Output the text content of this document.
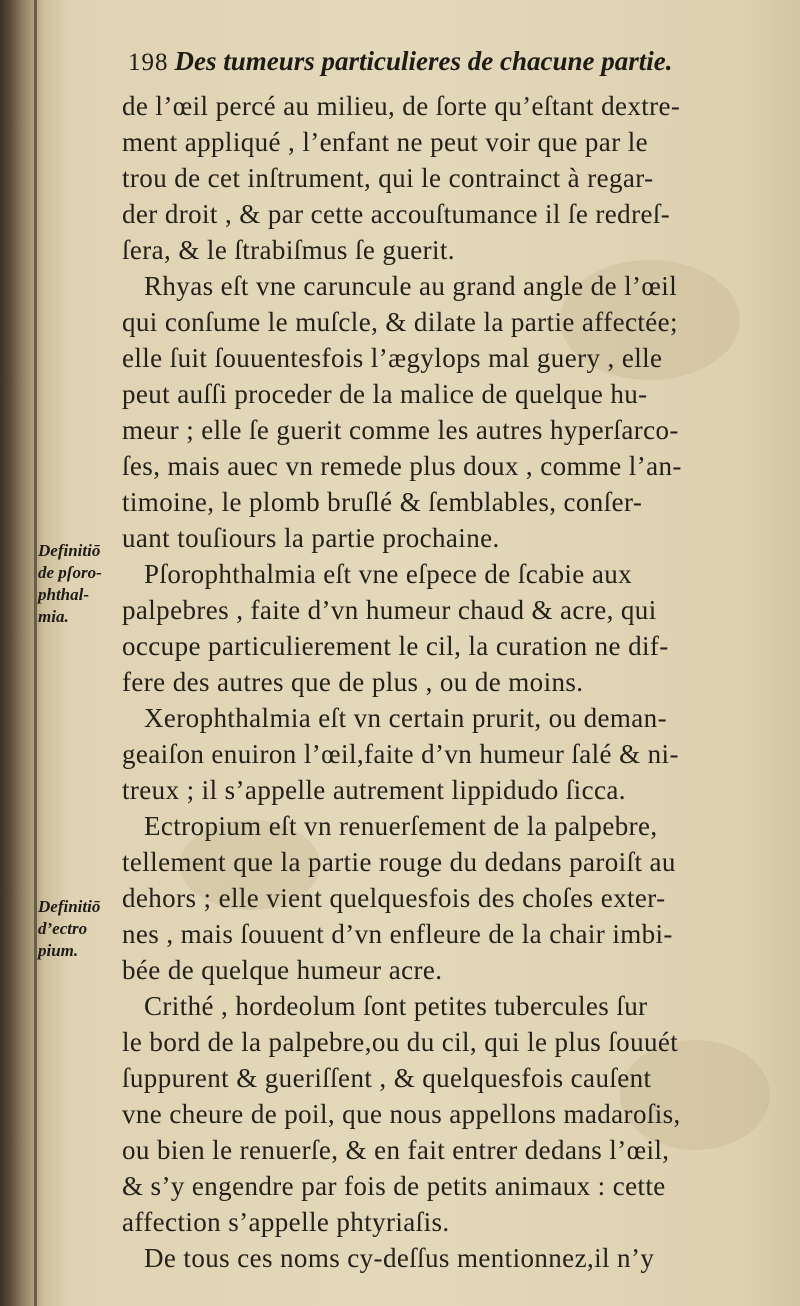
198 Des tumeurs particulieres de chacune partie.
de l’œil percé au milieu, de ſorte qu’eſtant dextre-
ment appliqué , l’enfant ne peut voir que par le
trou de cet inſtrument, qui le contrainct à regar-
der droit , & par cette accouſtumance il ſe redreſ-
ſera, & le ſtrabiſmus ſe guerit.
Rhyas eſt vne caruncule au grand angle de l’œil
qui conſume le muſcle, & dilate la partie affectée;
elle ſuit ſouuentesfois l’ægylops mal guery , elle
peut auſſi proceder de la malice de quelque hu-
meur ; elle ſe guerit comme les autres hyperſarco-
ſes, mais auec vn remede plus doux , comme l’an-
timoine, le plomb bruſlé & ſemblables, conſer-
uant touſiours la partie prochaine.
Pſorophthalmia eſt vne eſpece de ſcabie aux
palpebres , faite d’vn humeur chaud & acre, qui
occupe particulierement le cil, la curation ne dif-
fere des autres que de plus , ou de moins.
Xerophthalmia eſt vn certain prurit, ou deman-
geaiſon enuiron l’œil,faite d’vn humeur ſalé & ni-
treux ; il s’appelle autrement lippidudo ſicca.
Ectropium eſt vn renuerſement de la palpebre,
tellement que la partie rouge du dedans paroiſt au
dehors ; elle vient quelquesfois des choſes exter-
nes , mais ſouuent d’vn enfleure de la chair imbi-
bée de quelque humeur acre.
Crithé , hordeolum ſont petites tubercules ſur
le bord de la palpebre,ou du cil, qui le plus ſouuét
ſuppurent & gueriſſent , & quelquesfois cauſent
vne cheure de poil, que nous appellons madaroſis,
ou bien le renuerſe, & en fait entrer dedans l’œil,
& s’y engendre par fois de petits animaux : cette
affection s’appelle phtyriaſis.
De tous ces noms cy-deſſus mentionnez,il n’y
Definitiō
de pſoro-
phthal-
mia.
Definitiō
d’ectro
pium.
